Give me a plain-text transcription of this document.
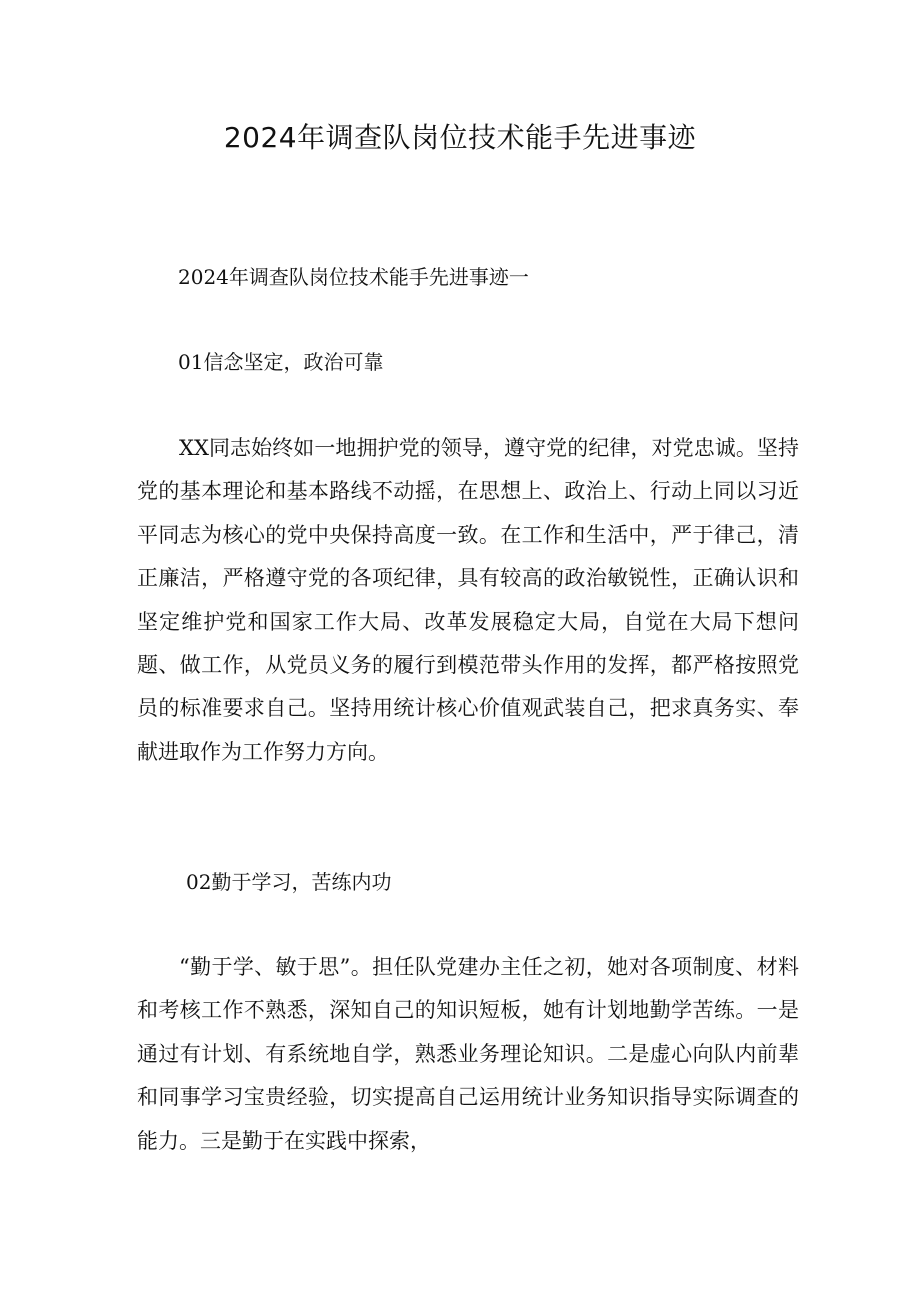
2024年调查队岗位技术能手先进事迹

2024年调查队岗位技术能手先进事迹一

01信念坚定，政治可靠

XX同志始终如一地拥护党的领导，遵守党的纪律，对党忠诚。坚持党的基本理论和基本路线不动摇，在思想上、政治上、行动上同以习近平同志为核心的党中央保持高度一致。在工作和生活中，严于律己，清正廉洁，严格遵守党的各项纪律，具有较高的政治敏锐性，正确认识和坚定维护党和国家工作大局、改革发展稳定大局，自觉在大局下想问题、做工作，从党员义务的履行到模范带头作用的发挥，都严格按照党员的标准要求自己。坚持用统计核心价值观武装自己，把求真务实、奉献进取作为工作努力方向。

02勤于学习，苦练内功

“勤于学、敏于思”。担任队党建办主任之初，她对各项制度、材料和考核工作不熟悉，深知自己的知识短板，她有计划地勤学苦练。一是通过有计划、有系统地自学，熟悉业务理论知识。二是虚心向队内前辈和同事学习宝贵经验，切实提高自己运用统计业务知识指导实际调查的能力。三是勤于在实践中探索，
